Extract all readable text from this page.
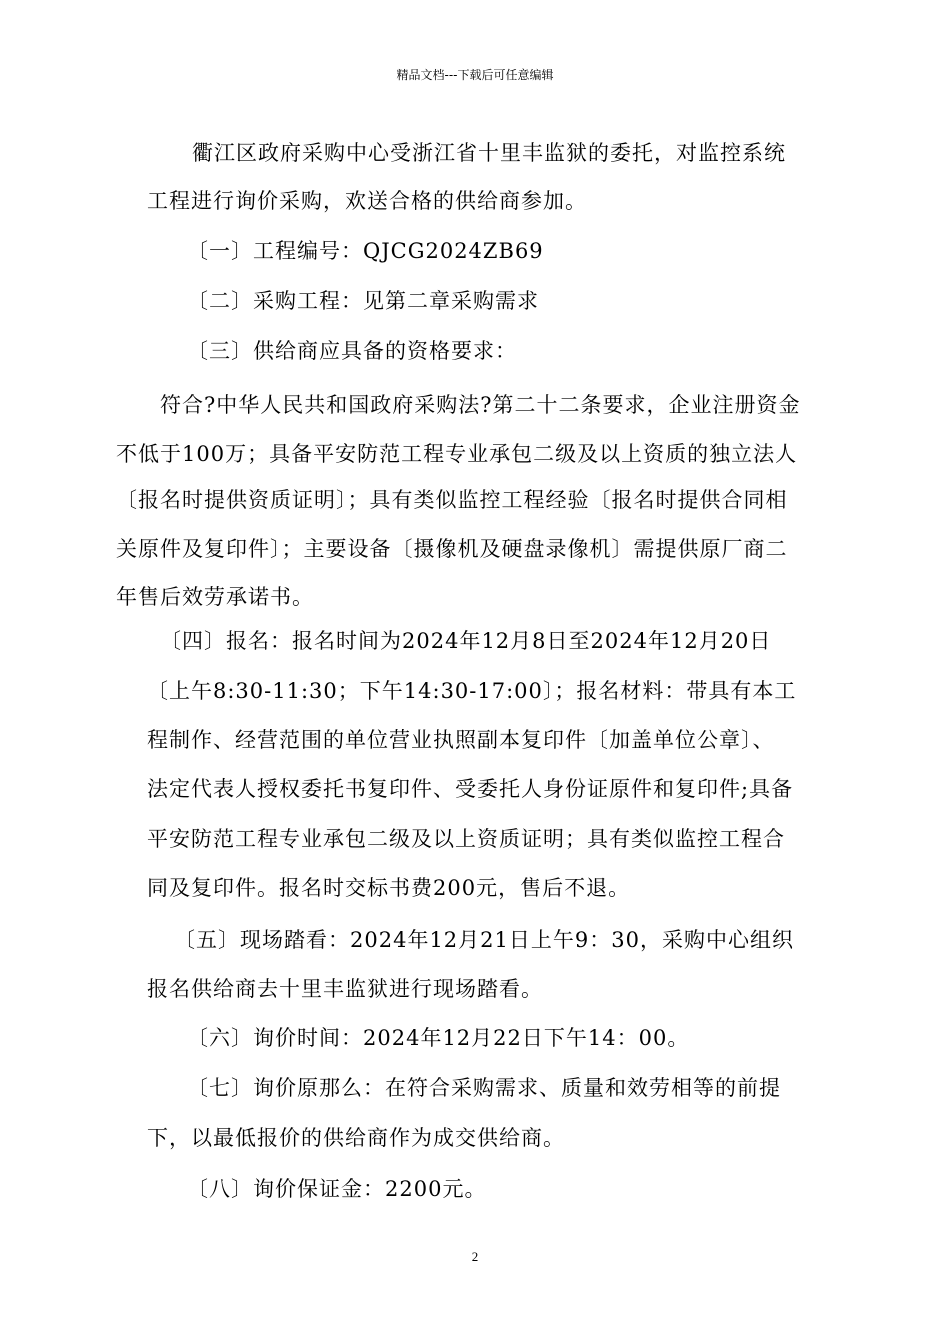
精品文档---下载后可任意编辑
衢江区政府采购中心受浙江省十里丰监狱的委托，对监控系统
工程进行询价采购，欢送合格的供给商参加。
〔一〕工程编号：QJCG2024ZB69
〔二〕采购工程：见第二章采购需求
〔三〕供给商应具备的资格要求：
符合?中华人民共和国政府采购法?第二十二条要求，企业注册资金
不低于100万；具备平安防范工程专业承包二级及以上资质的独立法人
〔报名时提供资质证明〕；具有类似监控工程经验〔报名时提供合同相
关原件及复印件〕；主要设备〔摄像机及硬盘录像机〕需提供原厂商二
年售后效劳承诺书。
〔四〕报名：报名时间为2024年12月8日至2024年12月20日
〔上午8:30-11:30；下午14:30-17:00〕；报名材料：带具有本工
程制作、经营范围的单位营业执照副本复印件〔加盖单位公章〕、
法定代表人授权委托书复印件、受委托人身份证原件和复印件;具备
平安防范工程专业承包二级及以上资质证明；具有类似监控工程合
同及复印件。报名时交标书费200元，售后不退。
〔五〕现场踏看：2024年12月21日上午9：30，采购中心组织
报名供给商去十里丰监狱进行现场踏看。
〔六〕询价时间：2024年12月22日下午14：00。
〔七〕询价原那么：在符合采购需求、质量和效劳相等的前提
下，以最低报价的供给商作为成交供给商。
〔八〕询价保证金：2200元。
2
